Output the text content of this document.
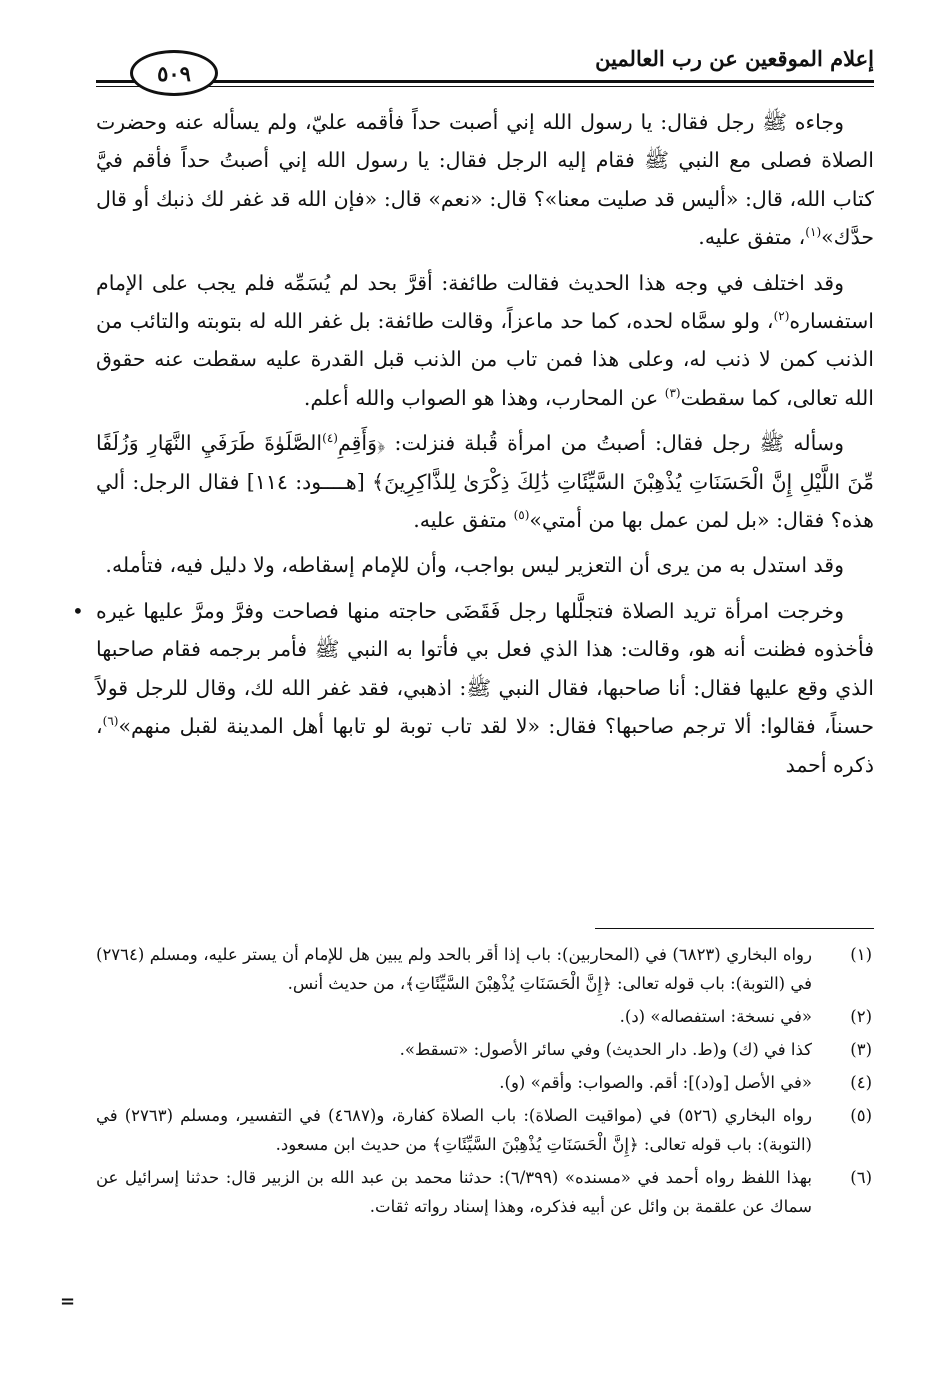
إعلام الموقعين عن رب العالمين
٥٠٩
وجاءه ﷺ رجل فقال: يا رسول الله إني أصبت حداً فأقمه عليّ، ولم يسأله عنه وحضرت الصلاة فصلى مع النبي ﷺ فقام إليه الرجل فقال: يا رسول الله إني أصبتُ حداً فأقم فيَّ كتاب الله، قال: «أليس قد صليت معنا»؟ قال: «نعم» قال: «فإن الله قد غفر لك ذنبك أو قال حدَّك»$^{(١)}$، متفق عليه.
وقد اختلف في وجه هذا الحديث فقالت طائفة: أقرَّ بحد لم يُسَمِّه فلم يجب على الإمام استفساره$^{(٢)}$، ولو سمَّاه لحده، كما حد ماعزاً، وقالت طائفة: بل غفر الله له بتوبته والتائب من الذنب كمن لا ذنب له، وعلى هذا فمن تاب من الذنب قبل القدرة عليه سقطت عنه حقوق الله تعالى، كما سقطت$^{(٣)}$ عن المحارب، وهذا هو الصواب والله أعلم.
وسأله ﷺ رجل فقال: أصبتُ من امرأة قُبلة فنزلت: ﴿وَأَقِمِ$^{(٤)}$الصَّلَوٰةَ طَرَفَيِ النَّهَارِ وَزُلَفًا مِّنَ اللَّيْلِ إِنَّ الْحَسَنَاتِ يُذْهِبْنَ السَّيِّئَاتِ ذَٰلِكَ ذِكْرَىٰ لِلذَّاكِرِينَ﴾ [هــــود: ١١٤] فقال الرجل: ألي هذه؟ فقال: «بل لمن عمل بها من أمتي»$^{(٥)}$ متفق عليه.
وقد استدل به من يرى أن التعزير ليس بواجب، وأن للإمام إسقاطه، ولا دليل فيه، فتأمله.
• وخرجت امرأة تريد الصلاة فتجلَّلها رجل فَقَضَى حاجته منها فصاحت وفرَّ ومرَّ عليها غيره فأخذوه فظنت أنه هو، وقالت: هذا الذي فعل بي فأتوا به النبي ﷺ فأمر برجمه فقام صاحبها الذي وقع عليها فقال: أنا صاحبها، فقال النبي ﷺ: اذهبي، فقد غفر الله لك، وقال للرجل قولاً حسناً، فقالوا: ألا ترجم صاحبها؟ فقال: «لا لقد تاب توبة لو تابها أهل المدينة لقبل منهم»$^{(٦)}$، ذكره أحمد
(١)
رواه البخاري (٦٨٢٣) في (المحاربين): باب إذا أقر بالحد ولم يبين هل للإمام أن يستر عليه، ومسلم (٢٧٦٤) في (التوبة): باب قوله تعالى: ﴿إِنَّ الْحَسَنَاتِ يُذْهِبْنَ السَّيِّئَاتِ﴾، من حديث أنس.
(٢)
«في نسخة: استفصاله» (د).
(٣)
كذا في (ك) و(ط. دار الحديث) وفي سائر الأصول: «تسقط».
(٤)
«في الأصل [و(د)]: أقم. والصواب: وأقم» (و).
(٥)
رواه البخاري (٥٢٦) في (مواقيت الصلاة): باب الصلاة كفارة، و(٤٦٨٧) في التفسير، ومسلم (٢٧٦٣) في (التوبة): باب قوله تعالى: ﴿إِنَّ الْحَسَنَاتِ يُذْهِبْنَ السَّيِّئَاتِ﴾ من حديث ابن مسعود.
(٦)
بهذا اللفظ رواه أحمد في «مسنده» (٦/٣٩٩): حدثنا محمد بن عبد الله بن الزبير قال: حدثنا إسرائيل عن سماك عن علقمة بن وائل عن أبيه فذكره، وهذا إسناد رواته ثقات.
=
